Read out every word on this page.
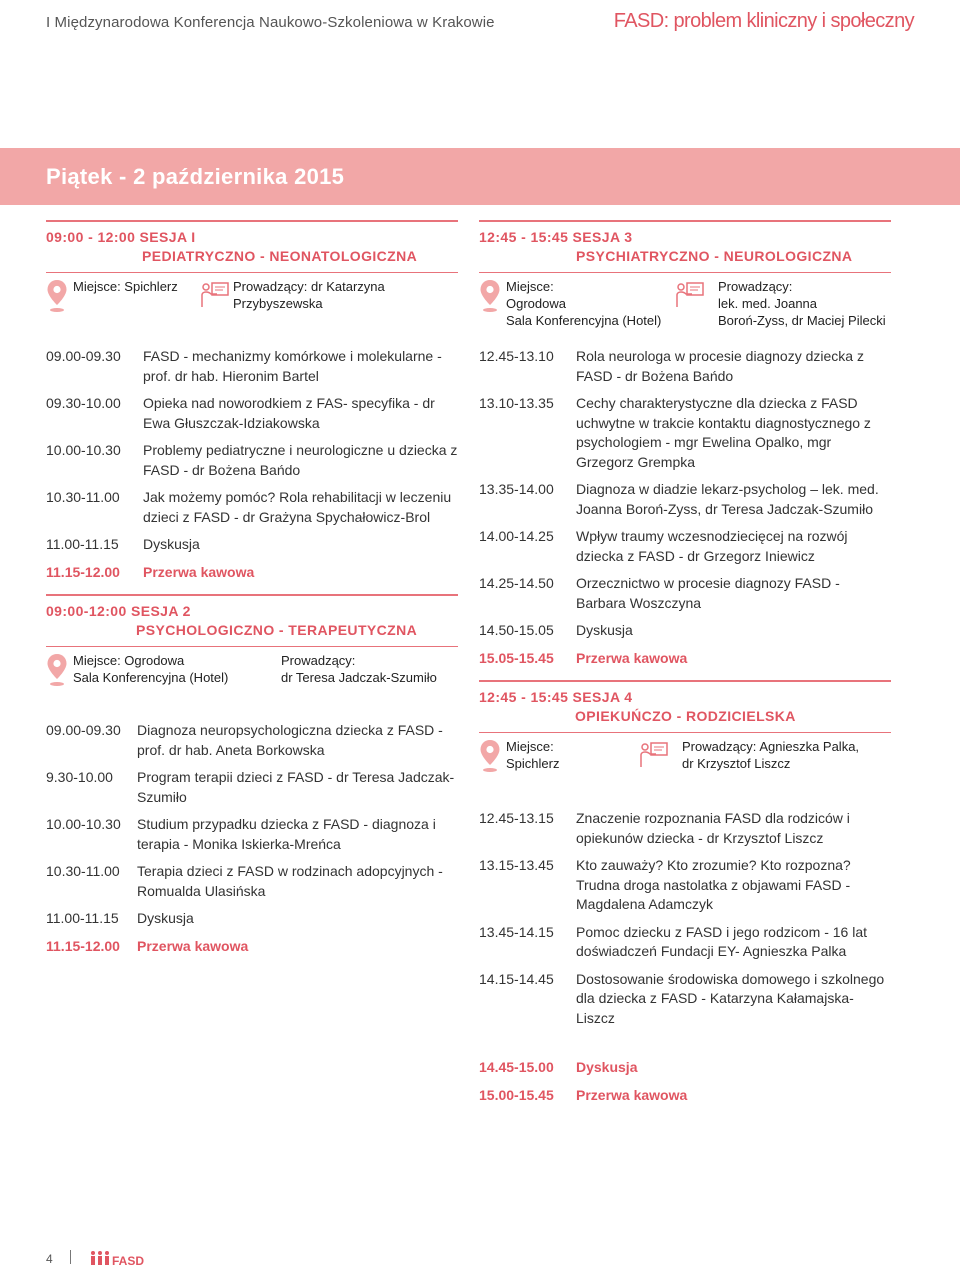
I Międzynarodowa Konferencja Naukowo-Szkoleniowa w Krakowie	FASD: problem kliniczny i społeczny
Piątek - 2 października 2015
09:00 - 12:00 SESJA I
PEDIATRYCZNO - NEONATOLOGICZNA
Miejsce: Spichlerz	Prowadzący: dr Katarzyna
Przybyszewska
09.00-09.30	FASD - mechanizmy komórkowe i molekularne - prof. dr hab. Hieronim Bartel
09.30-10.00	Opieka nad noworodkiem z FAS- specyfika - dr Ewa Głuszczak-Idziakowska
10.00-10.30	Problemy pediatryczne i neurologiczne u dziecka z FASD - dr Bożena Bańdo
10.30-11.00	Jak możemy pomóc? Rola rehabilitacji w leczeniu dzieci z FASD - dr Grażyna Spychałowicz-Brol
11.00-11.15	Dyskusja
11.15-12.00	Przerwa kawowa
09:00-12:00 SESJA 2
PSYCHOLOGICZNO - TERAPEUTYCZNA
Miejsce: Ogrodowa
Sala Konferencyjna (Hotel)
Prowadzący:
dr Teresa Jadczak-Szumiło
09.00-09.30	Diagnoza neuropsychologiczna dziecka z FASD - prof. dr hab. Aneta Borkowska
9.30-10.00	Program terapii dzieci z FASD - dr Teresa Jadczak-Szumiło
10.00-10.30	Studium przypadku dziecka z FASD - diagnoza i terapia - Monika Iskierka-Mreńca
10.30-11.00	Terapia dzieci z FASD w rodzinach adopcyjnych - Romualda Ulasińska
11.00-11.15	Dyskusja
11.15-12.00	Przerwa kawowa
12:45 - 15:45 SESJA 3
PSYCHIATRYCZNO - NEUROLOGICZNA
Miejsce:
Ogrodowa
Sala Konferencyjna (Hotel)
Prowadzący:
lek. med. Joanna
Boroń-Zyss, dr Maciej Pilecki
12.45-13.10	Rola neurologa w procesie diagnozy dziecka z FASD - dr Bożena Bańdo
13.10-13.35	Cechy charakterystyczne dla dziecka z FASD uchwytne w trakcie kontaktu diagnostycznego z psychologiem - mgr Ewelina Opalko, mgr Grzegorz Grempka
13.35-14.00	Diagnoza w diadzie lekarz-psycholog – lek. med. Joanna Boroń-Zyss, dr Teresa Jadczak-Szumiło
14.00-14.25	Wpływ traumy wczesnodziecięcej na rozwój dziecka z FASD - dr Grzegorz Iniewicz
14.25-14.50	Orzecznictwo w procesie diagnozy FASD - Barbara Woszczyna
14.50-15.05	Dyskusja
15.05-15.45	Przerwa kawowa
12:45 - 15:45 SESJA 4
OPIEKUŃCZO - RODZICIELSKA
Miejsce:
Spichlerz
Prowadzący: Agnieszka Palka,
dr Krzysztof Liszcz
12.45-13.15	Znaczenie rozpoznania FASD dla rodziców i opiekunów dziecka - dr Krzysztof Liszcz
13.15-13.45	Kto zauważy? Kto zrozumie? Kto rozpozna? Trudna droga nastolatka z objawami FASD - Magdalena Adamczyk
13.45-14.15	Pomoc dziecku z FASD i jego rodzicom - 16 lat doświadczeń Fundacji EY- Agnieszka Palka
14.15-14.45	Dostosowanie środowiska domowego i szkolnego dla dziecka z FASD - Katarzyna Kałamajska-Liszcz
14.45-15.00	Dyskusja
15.00-15.45	Przerwa kawowa
4	FASD
